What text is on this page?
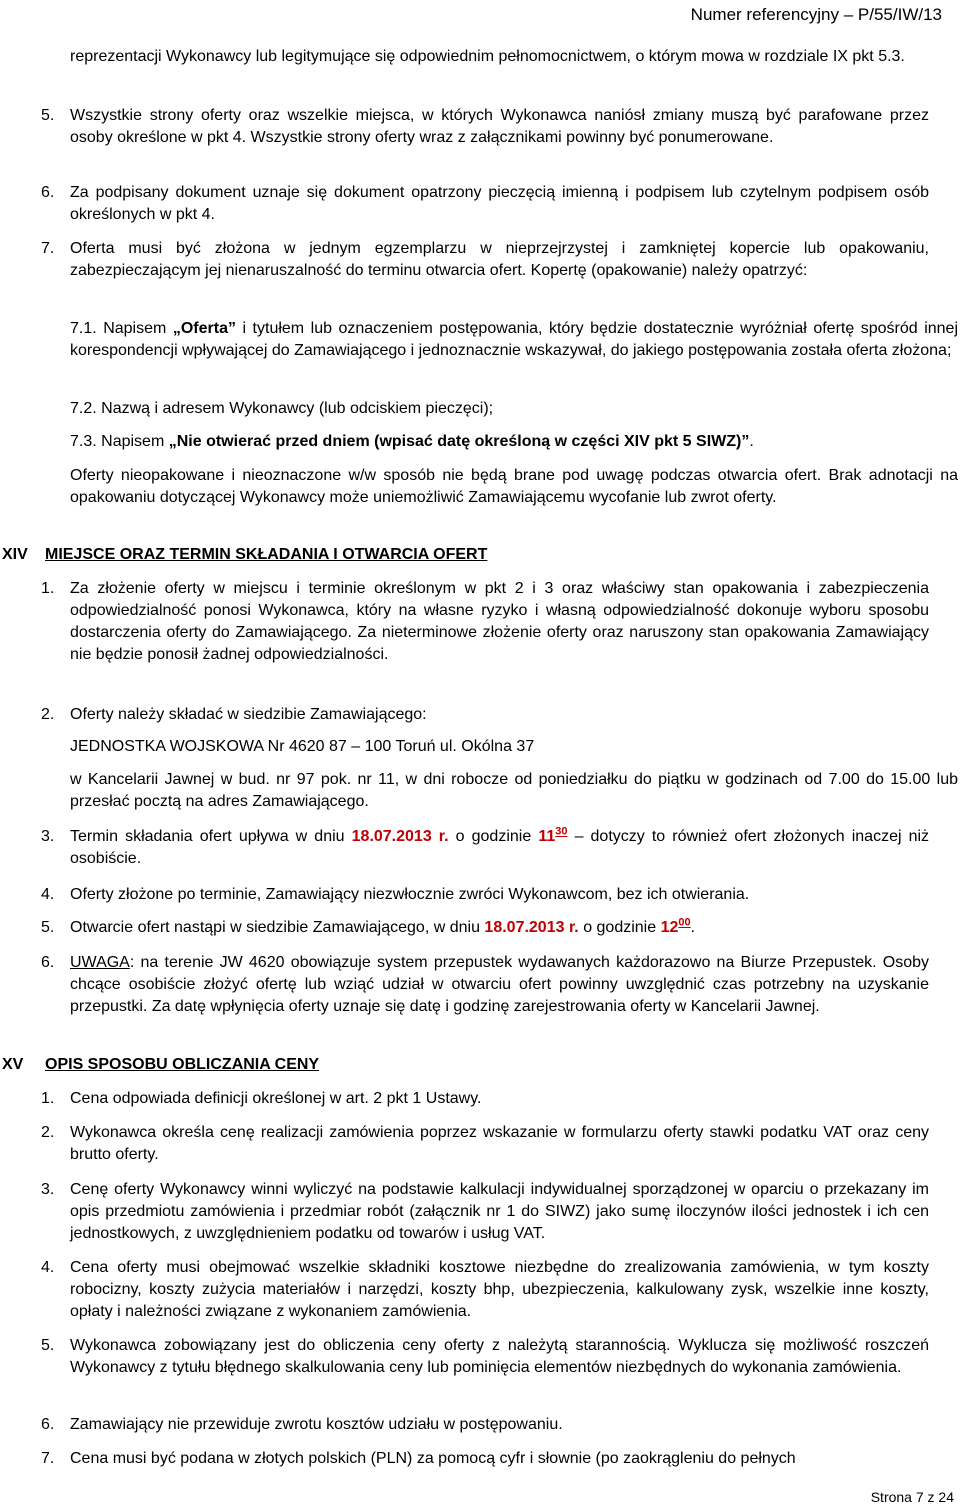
Numer referencyjny – P/55/IW/13
reprezentacji Wykonawcy lub legitymujące się odpowiednim pełnomocnictwem, o którym mowa w rozdziale IX pkt 5.3.
5. Wszystkie strony oferty oraz wszelkie miejsca, w których Wykonawca naniósł zmiany muszą być parafowane przez osoby określone w pkt 4. Wszystkie strony oferty wraz z załącznikami powinny być ponumerowane.
6. Za podpisany dokument uznaje się dokument opatrzony pieczęcią imienną i podpisem lub czytelnym podpisem osób określonych w pkt 4.
7. Oferta musi być złożona w jednym egzemplarzu w nieprzejrzystej i zamkniętej kopercie lub opakowaniu, zabezpieczającym jej nienaruszalność do terminu otwarcia ofert. Kopertę (opakowanie) należy opatrzyć:
7.1. Napisem „Oferta” i tytułem lub oznaczeniem postępowania, który będzie dostatecznie wyróżniał ofertę spośród innej korespondencji wpływającej do Zamawiającego i jednoznacznie wskazywał, do jakiego postępowania została oferta złożona;
7.2. Nazwą i adresem Wykonawcy (lub odciskiem pieczęci);
7.3. Napisem „Nie otwierać przed dniem (wpisać datę określoną w części XIV pkt 5 SIWZ)”.
Oferty nieopakowane i nieoznaczone w/w sposób nie będą brane pod uwagę podczas otwarcia ofert. Brak adnotacji na opakowaniu dotyczącej Wykonawcy może uniemożliwić Zamawiającemu wycofanie lub zwrot oferty.
XIV MIEJSCE ORAZ TERMIN SKŁADANIA I OTWARCIA OFERT
1. Za złożenie oferty w miejscu i terminie określonym w pkt 2 i 3 oraz właściwy stan opakowania i zabezpieczenia odpowiedzialność ponosi Wykonawca, który na własne ryzyko i własną odpowiedzialność dokonuje wyboru sposobu dostarczenia oferty do Zamawiającego. Za nieterminowe złożenie oferty oraz naruszony stan opakowania Zamawiający nie będzie ponosił żadnej odpowiedzialności.
2. Oferty należy składać w siedzibie Zamawiającego:
JEDNOSTKA WOJSKOWA Nr 4620 87 – 100 Toruń ul. Okólna 37
w Kancelarii Jawnej w bud. nr 97 pok. nr 11, w dni robocze od poniedziałku do piątku w godzinach od 7.00 do 15.00 lub przesłać pocztą na adres Zamawiającego.
3. Termin składania ofert upływa w dniu 18.07.2013 r. o godzinie $11^{30}$ – dotyczy to również ofert złożonych inaczej niż osobiście.
4. Oferty złożone po terminie, Zamawiający niezwłocznie zwróci Wykonawcom, bez ich otwierania.
5. Otwarcie ofert nastąpi w siedzibie Zamawiającego, w dniu 18.07.2013 r. o godzinie $12^{00}$.
6. UWAGA: na terenie JW 4620 obowiązuje system przepustek wydawanych każdorazowo na Biurze Przepustek. Osoby chcące osobiście złożyć ofertę lub wziąć udział w otwarciu ofert powinny uwzględnić czas potrzebny na uzyskanie przepustki. Za datę wpłynięcia oferty uznaje się datę i godzinę zarejestrowania oferty w Kancelarii Jawnej.
XV OPIS SPOSOBU OBLICZANIA CENY
1. Cena odpowiada definicji określonej w art. 2 pkt 1 Ustawy.
2. Wykonawca określa cenę realizacji zamówienia poprzez wskazanie w formularzu oferty stawki podatku VAT oraz ceny brutto oferty.
3. Cenę oferty Wykonawcy winni wyliczyć na podstawie kalkulacji indywidualnej sporządzonej w oparciu o przekazany im opis przedmiotu zamówienia i przedmiar robót (załącznik nr 1 do SIWZ) jako sumę iloczynów ilości jednostek i ich cen jednostkowych, z uwzględnieniem podatku od towarów i usług VAT.
4. Cena oferty musi obejmować wszelkie składniki kosztowe niezbędne do zrealizowania zamówienia, w tym koszty robocizny, koszty zużycia materiałów i narzędzi, koszty bhp, ubezpieczenia, kalkulowany zysk, wszelkie inne koszty, opłaty i należności związane z wykonaniem zamówienia.
5. Wykonawca zobowiązany jest do obliczenia ceny oferty z należytą starannością. Wyklucza się możliwość roszczeń Wykonawcy z tytułu błędnego skalkulowania ceny lub pominięcia elementów niezbędnych do wykonania zamówienia.
6. Zamawiający nie przewiduje zwrotu kosztów udziału w postępowaniu.
7. Cena musi być podana w złotych polskich (PLN) za pomocą cyfr i słownie (po zaokrągleniu do pełnych
Strona 7 z 24
